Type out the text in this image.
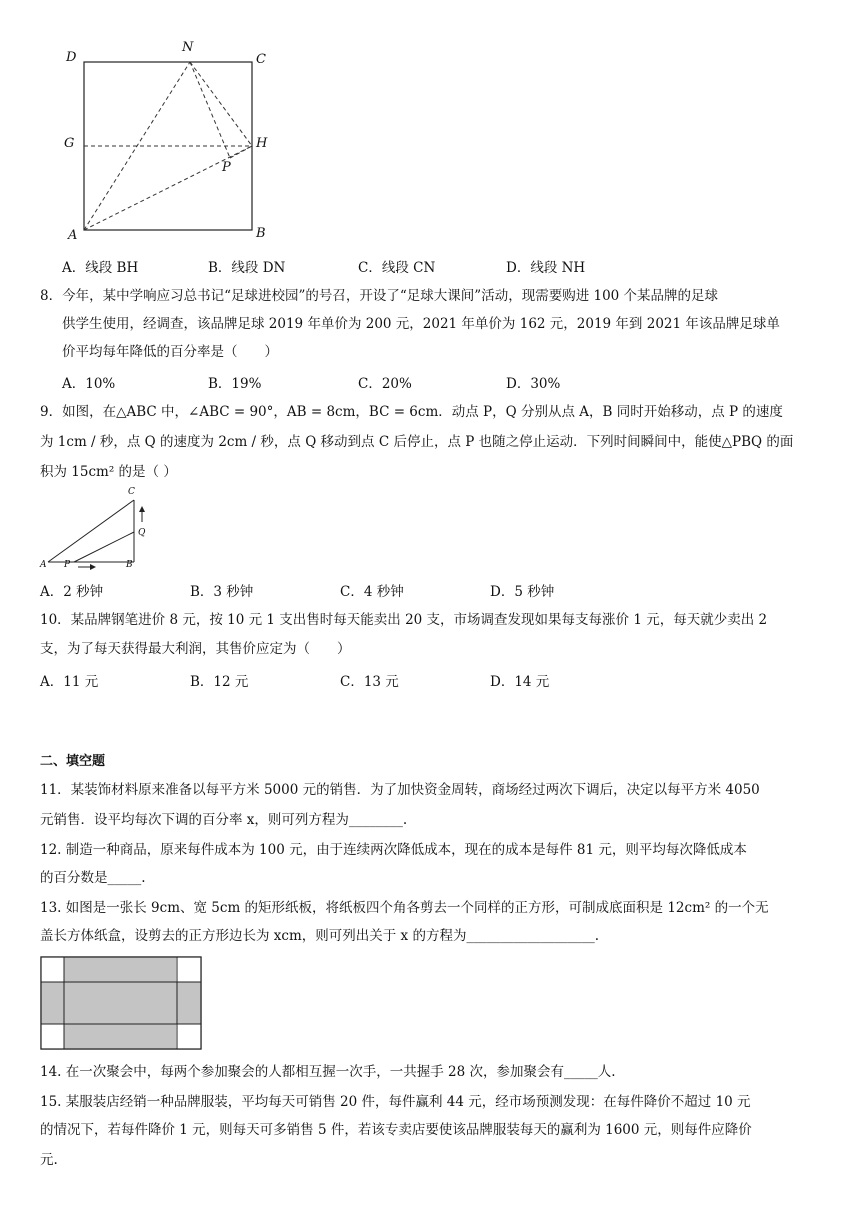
D
N
C
G	H
P
A	B
A．线段 BH	B．线段 DN	C．线段 CN	D．线段 NH
8．今年，某中学响应习总书记“足球进校园”的号召，开设了“足球大课间”活动，现需要购进 100 个某品牌的足球
供学生使用，经调查，该品牌足球 2019 年单价为 200 元，2021 年单价为 162 元，2019 年到 2021 年该品牌足球单
价平均每年降低的百分率是（　　）
A．10%	B．19%	C．20%	D．30%
9．如图，在△ABC 中，∠ABC = 90°，AB = 8cm，BC = 6cm．动点 P，Q 分别从点 A，B 同时开始移动，点 P 的速度
为 1cm / 秒，点 Q 的速度为 2cm / 秒，点 Q 移动到点 C 后停止，点 P 也随之停止运动．下列时间瞬间中，能使△PBQ 的面
积为 15cm² 的是（ ）
C
Q
A P	B
A．2 秒钟	B．3 秒钟	C．4 秒钟	D．5 秒钟
10．某品牌钢笔进价 8 元，按 10 元 1 支出售时每天能卖出 20 支，市场调查发现如果每支每涨价 1 元，每天就少卖出 2
支，为了每天获得最大利润，其售价应定为（　　）
A．11 元	B．12 元	C．13 元	D．14 元
二、填空题
11．某装饰材料原来准备以每平方米 5000 元的销售．为了加快资金周转，商场经过两次下调后，决定以每平方米 4050
元销售．设平均每次下调的百分率 x，则可列方程为________.
12. 制造一种商品，原来每件成本为 100 元，由于连续两次降低成本，现在的成本是每件 81 元，则平均每次降低成本
的百分数是_____.
13. 如图是一张长 9cm、宽 5cm 的矩形纸板，将纸板四个角各剪去一个同样的正方形，可制成底面积是 12cm² 的一个无
盖长方体纸盒，设剪去的正方形边长为 xcm，则可列出关于 x 的方程为___________________.
14. 在一次聚会中，每两个参加聚会的人都相互握一次手，一共握手 28 次，参加聚会有_____人.
15. 某服装店经销一种品牌服装，平均每天可销售 20 件，每件赢利 44 元，经市场预测发现：在每件降价不超过 10 元
的情况下，若每件降价 1 元，则每天可多销售 5 件，若该专卖店要使该品牌服装每天的赢利为 1600 元，则每件应降价
元.
